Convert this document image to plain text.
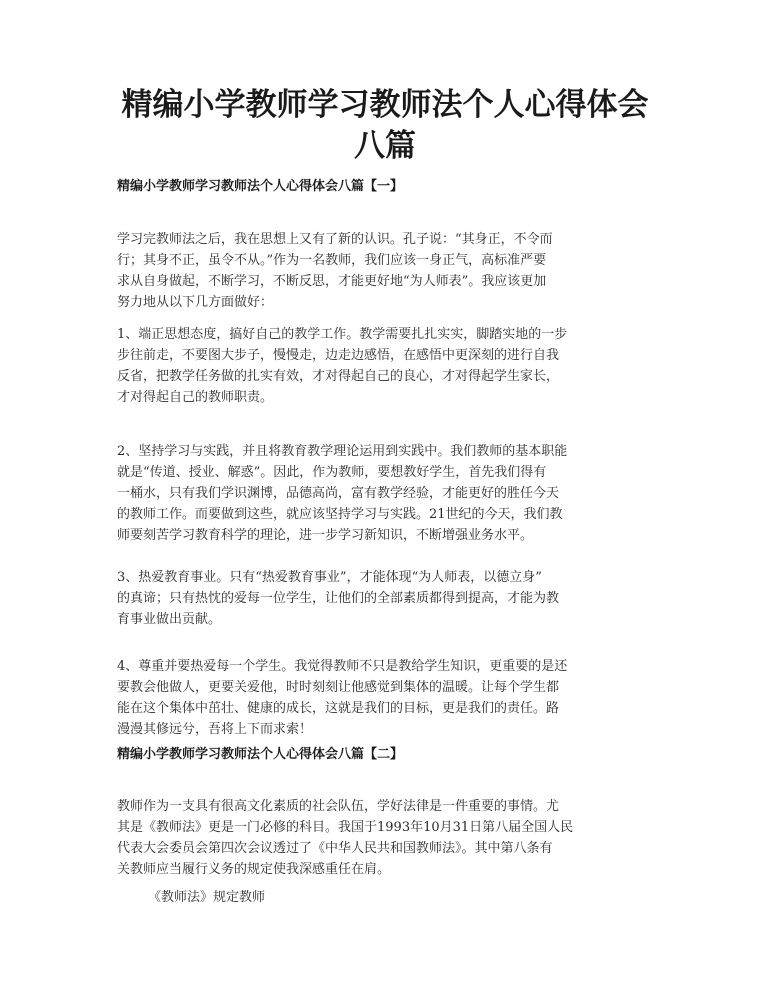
精编小学教师学习教师法个人心得体会
八篇
精编小学教师学习教师法个人心得体会八篇【一】
学习完教师法之后，我在思想上又有了新的认识。孔子说：“其身正，不令而
行；其身不正，虽令不从。”作为一名教师，我们应该一身正气，高标准严要
求从自身做起，不断学习，不断反思，才能更好地“为人师表”。我应该更加
努力地从以下几方面做好：
1、端正思想态度，搞好自己的教学工作。教学需要扎扎实实，脚踏实地的一步
步往前走，不要图大步子，慢慢走，边走边感悟，在感悟中更深刻的进行自我
反省，把教学任务做的扎实有效，才对得起自己的良心，才对得起学生家长，
才对得起自己的教师职责。
2、坚持学习与实践，并且将教育教学理论运用到实践中。我们教师的基本职能
就是“传道、授业、解惑”。因此，作为教师，要想教好学生，首先我们得有
一桶水，只有我们学识渊博，品德高尚，富有教学经验，才能更好的胜任今天
的教师工作。而要做到这些，就应该坚持学习与实践。21世纪的今天，我们教
师要刻苦学习教育科学的理论，进一步学习新知识，不断增强业务水平。
3、热爱教育事业。只有“热爱教育事业”，才能体现“为人师表，以德立身”
的真谛；只有热忱的爱每一位学生，让他们的全部素质都得到提高，才能为教
育事业做出贡献。
4、尊重并要热爱每一个学生。我觉得教师不只是教给学生知识，更重要的是还
要教会他做人，更要关爱他，时时刻刻让他感觉到集体的温暖。让每个学生都
能在这个集体中茁壮、健康的成长，这就是我们的目标，更是我们的责任。路
漫漫其修远兮，吾将上下而求索！
精编小学教师学习教师法个人心得体会八篇【二】
教师作为一支具有很高文化素质的社会队伍，学好法律是一件重要的事情。尤
其是《教师法》更是一门必修的科目。我国于1993年10月31日第八届全国人民
代表大会委员会第四次会议透过了《中华人民共和国教师法》。其中第八条有
关教师应当履行义务的规定使我深感重任在肩。
《教师法》规定教师
